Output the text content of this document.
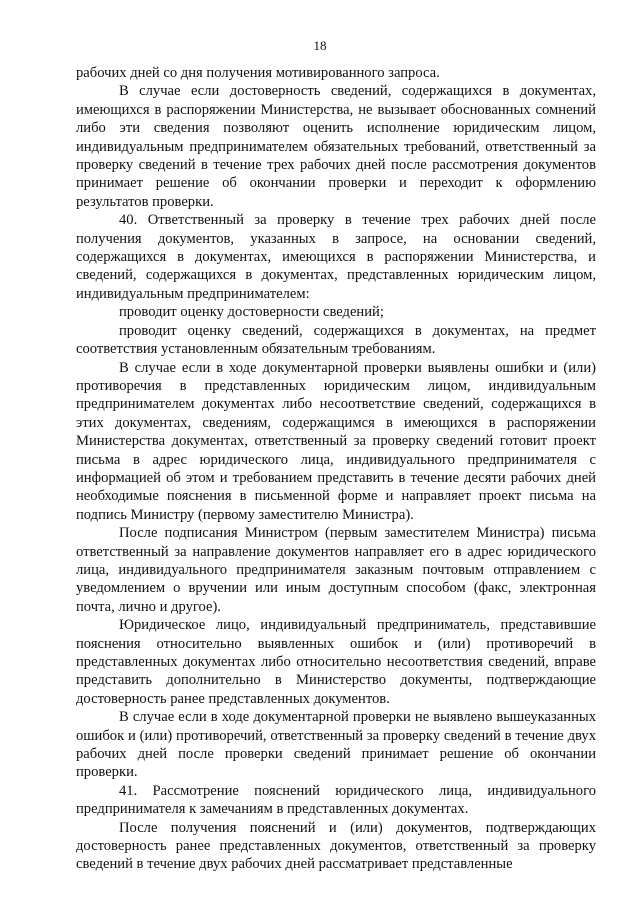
18

рабочих дней со дня получения мотивированного запроса.

В случае если достоверность сведений, содержащихся в документах, имеющихся в распоряжении Министерства, не вызывает обоснованных сомнений либо эти сведения позволяют оценить исполнение юридическим лицом, индивидуальным предпринимателем обязательных требований, ответственный за проверку сведений в течение трех рабочих дней после рассмотрения документов принимает решение об окончании проверки и переходит к оформлению результатов проверки.

40. Ответственный за проверку в течение трех рабочих дней после получения документов, указанных в запросе, на основании сведений, содержащихся в документах, имеющихся в распоряжении Министерства, и сведений, содержащихся в документах, представленных юридическим лицом, индивидуальным предпринимателем:

проводит оценку достоверности сведений;

проводит оценку сведений, содержащихся в документах, на предмет соответствия установленным обязательным требованиям.

В случае если в ходе документарной проверки выявлены ошибки и (или) противоречия в представленных юридическим лицом, индивидуальным предпринимателем документах либо несоответствие сведений, содержащихся в этих документах, сведениям, содержащимся в имеющихся в распоряжении Министерства документах, ответственный за проверку сведений готовит проект письма в адрес юридического лица, индивидуального предпринимателя с информацией об этом и требованием представить в течение десяти рабочих дней необходимые пояснения в письменной форме и направляет проект письма на подпись Министру (первому заместителю Министра).

После подписания Министром (первым заместителем Министра) письма ответственный за направление документов направляет его в адрес юридического лица, индивидуального предпринимателя заказным почтовым отправлением с уведомлением о вручении или иным доступным способом (факс, электронная почта, лично и другое).

Юридическое лицо, индивидуальный предприниматель, представившие пояснения относительно выявленных ошибок и (или) противоречий в представленных документах либо относительно несоответствия сведений, вправе представить дополнительно в Министерство документы, подтверждающие достоверность ранее представленных документов.

В случае если в ходе документарной проверки не выявлено вышеуказанных ошибок и (или) противоречий, ответственный за проверку сведений в течение двух рабочих дней после проверки сведений принимает решение об окончании проверки.

41. Рассмотрение пояснений юридического лица, индивидуального предпринимателя к замечаниям в представленных документах.

После получения пояснений и (или) документов, подтверждающих достоверность ранее представленных документов, ответственный за проверку сведений в течение двух рабочих дней рассматривает представленные
